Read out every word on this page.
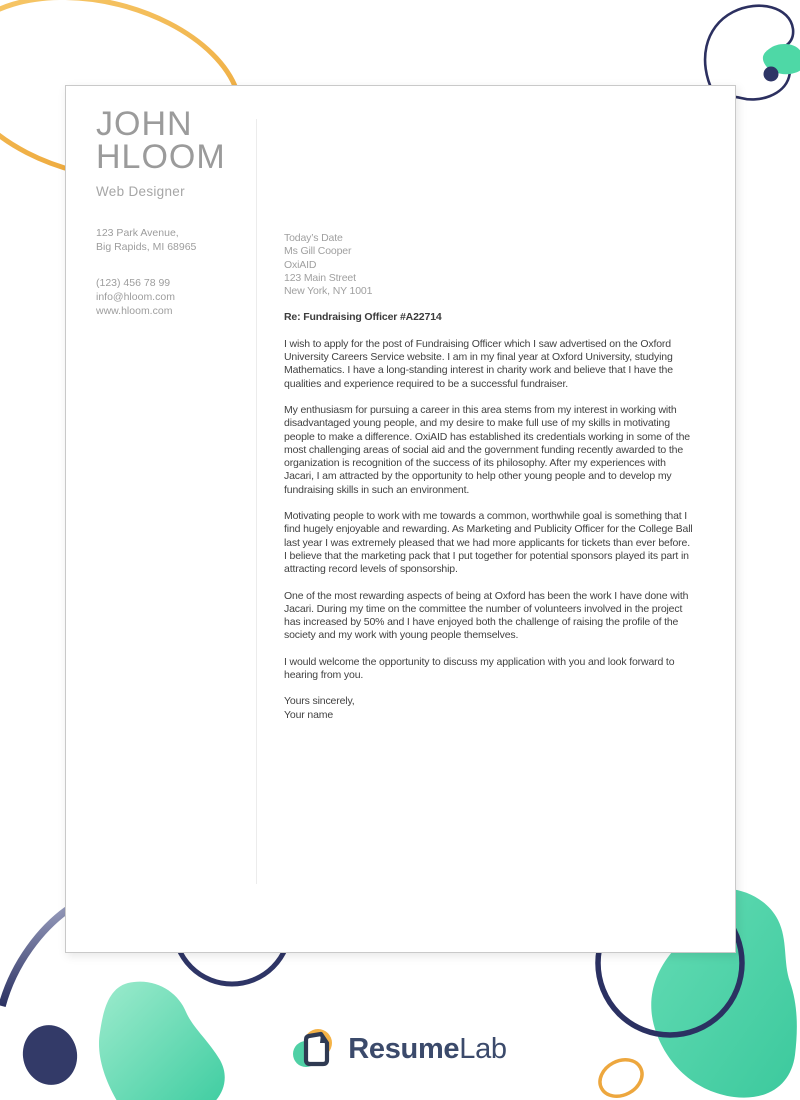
JOHN
HLOOM
Web Designer
123 Park Avenue,
Big Rapids, MI 68965
(123) 456 78 99
info@hloom.com
www.hloom.com
Today’s Date
Ms Gill Cooper
OxiAID
123 Main Street
New York, NY 1001
Re: Fundraising Officer #A22714

I wish to apply for the post of Fundraising Officer which I saw advertised on the Oxford University Careers Service website. I am in my final year at Oxford University, studying Mathematics. I have a long-standing interest in charity work and believe that I have the qualities and experience required to be a successful fundraiser.

My enthusiasm for pursuing a career in this area stems from my interest in working with disadvantaged young people, and my desire to make full use of my skills in motivating people to make a difference. OxiAID has established its credentials working in some of the most challenging areas of social aid and the government funding recently awarded to the organization is recognition of the success of its philosophy. After my experiences with Jacari, I am attracted by the opportunity to help other young people and to develop my fundraising skills in such an environment.

Motivating people to work with me towards a common, worthwhile goal is something that I find hugely enjoyable and rewarding. As Marketing and Publicity Officer for the College Ball last year I was extremely pleased that we had more applicants for tickets than ever before. I believe that the marketing pack that I put together for potential sponsors played its part in attracting record levels of sponsorship.

One of the most rewarding aspects of being at Oxford has been the work I have done with Jacari. During my time on the committee the number of volunteers involved in the project has increased by 50% and I have enjoyed both the challenge of raising the profile of the society and my work with young people themselves.

I would welcome the opportunity to discuss my application with you and look forward to hearing from you.

Yours sincerely,
Your name
ResumeLab
